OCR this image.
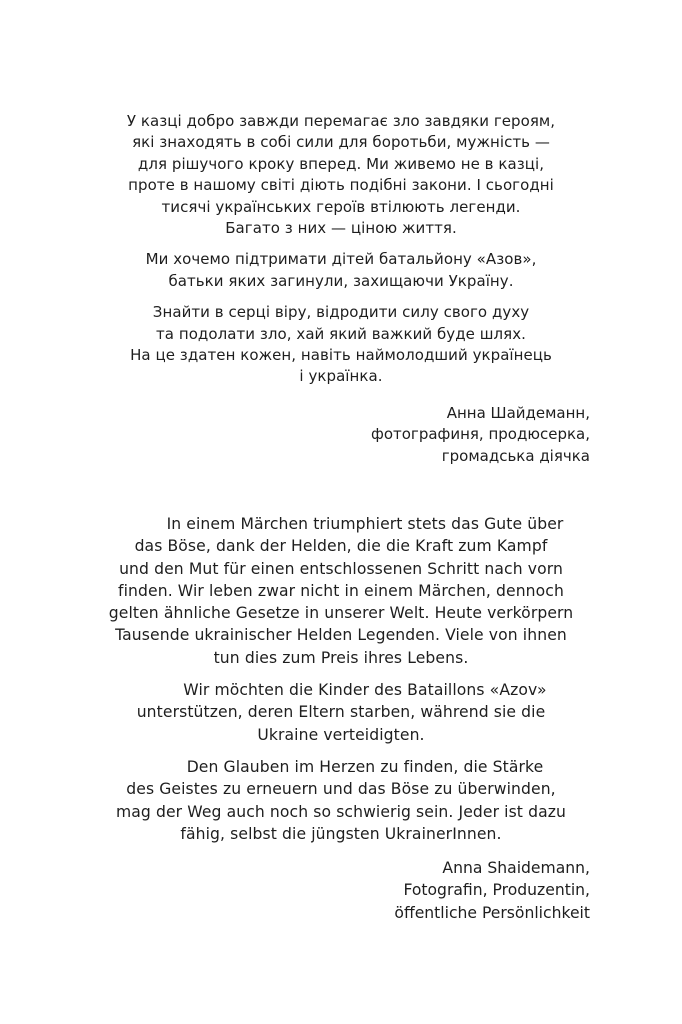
У казці добро завжди перемагає зло завдяки героям,
які знаходять в собі сили для боротьби, мужність —
для рішучого кроку вперед. Ми живемо не в казці,
проте в нашому світі діють подібні закони. І сьогодні
тисячі українських героїв втілюють легенди.
Багато з них — ціною життя.

Ми хочемо підтримати дітей батальйону «Азов»,
батьки яких загинули, захищаючи Україну.

Знайти в серці віру, відродити силу свого духу
та подолати зло, хай який важкий буде шлях.
На це здатен кожен, навіть наймолодший українець
і українка.

Анна Шайдеманн,
фотографиня, продюсерка,
громадська діячка

In einem Märchen triumphiert stets das Gute über
das Böse, dank der Helden, die die Kraft zum Kampf
und den Mut für einen entschlossenen Schritt nach vorn
finden. Wir leben zwar nicht in einem Märchen, dennoch
gelten ähnliche Gesetze in unserer Welt. Heute verkörpern
Tausende ukrainischer Helden Legenden. Viele von ihnen
tun dies zum Preis ihres Lebens.

Wir möchten die Kinder des Bataillons «Azov»
unterstützen, deren Eltern starben, während sie die
Ukraine verteidigten.

Den Glauben im Herzen zu finden, die Stärke
des Geistes zu erneuern und das Böse zu überwinden,
mag der Weg auch noch so schwierig sein. Jeder ist dazu
fähig, selbst die jüngsten UkrainerInnen.

Anna Shaidemann,
Fotografin, Produzentin,
öffentliche Persönlichkeit
